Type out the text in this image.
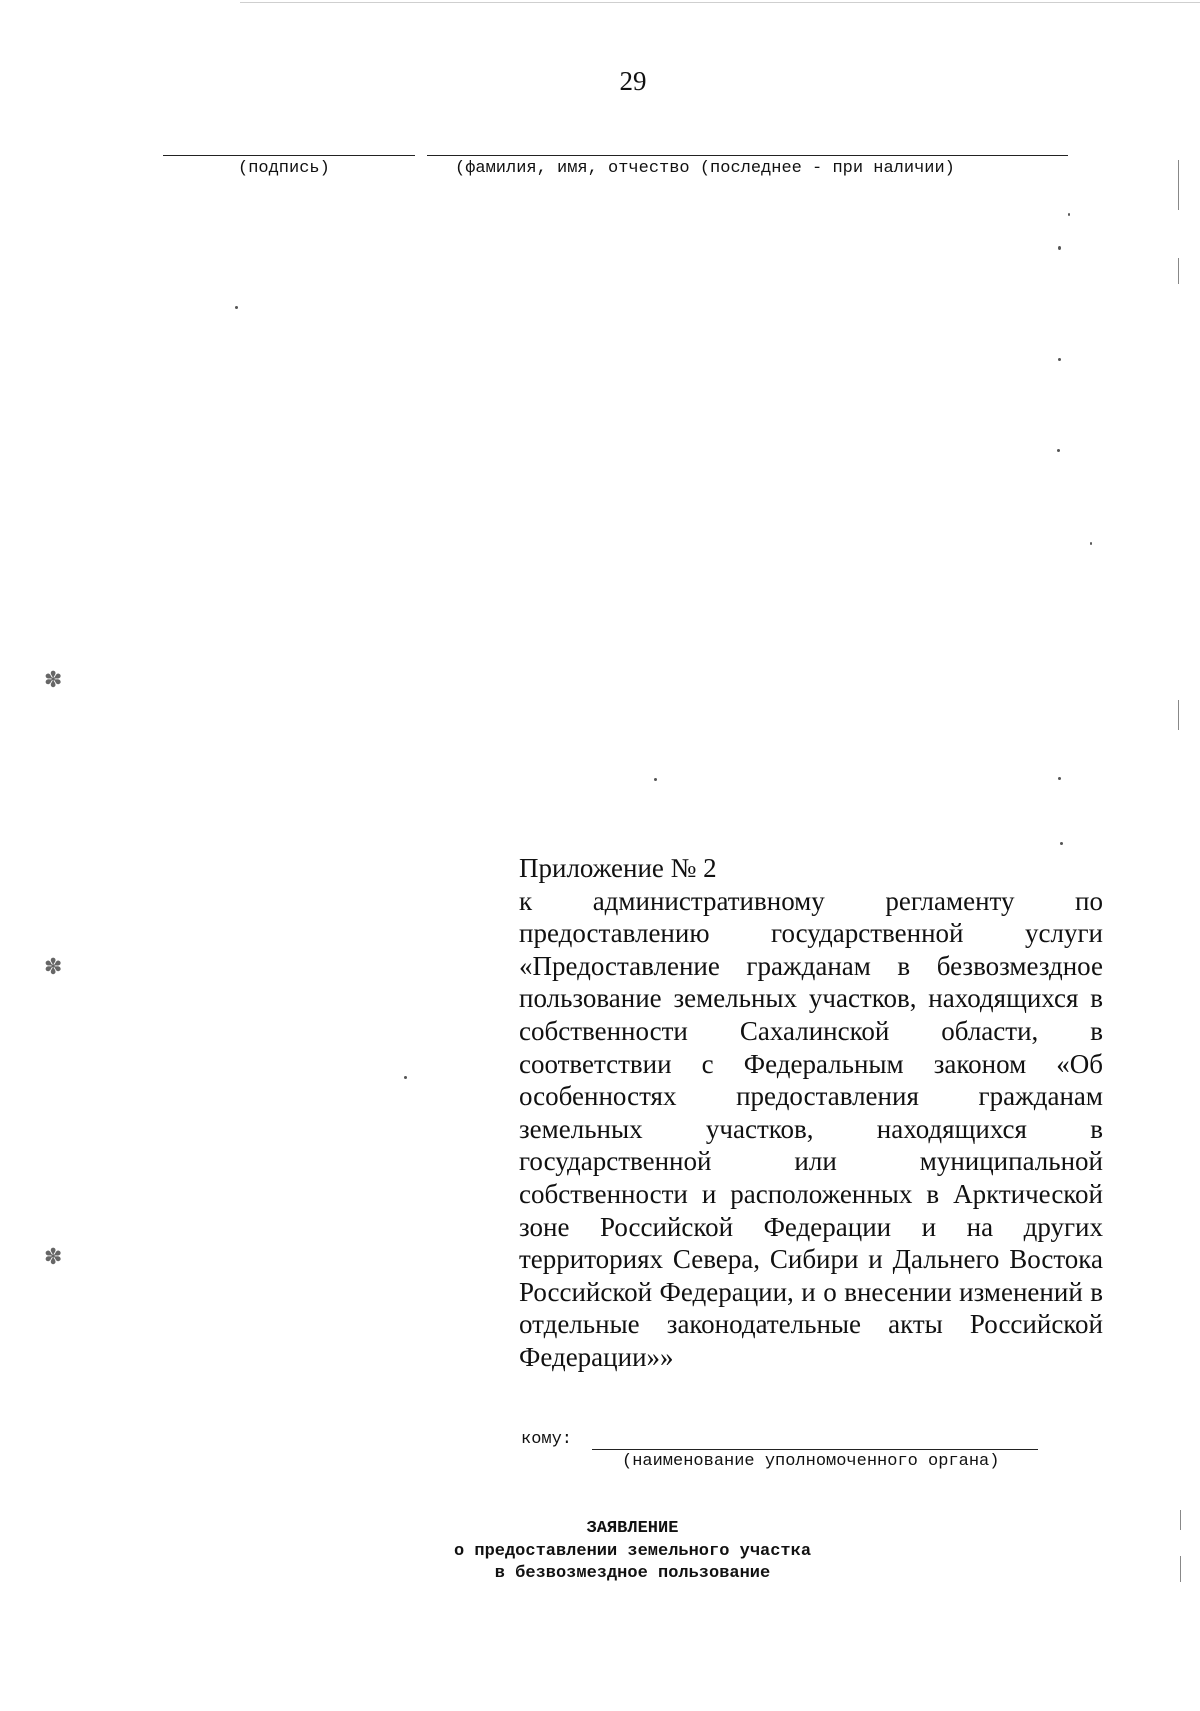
29
(подпись)	(фамилия, имя, отчество (последнее - при наличии)
Приложение № 2
к административному регламенту по предоставлению государственной услуги «Предоставление гражданам в безвозмездное пользование земельных участков, находящихся в собственности Сахалинской области, в соответствии с Федеральным законом «Об особенностях предоставления гражданам земельных участков, находящихся в государственной или муниципальной собственности и расположенных в Арктической зоне Российской Федерации и на других территориях Севера, Сибири и Дальнего Востока Российской Федерации, и о внесении изменений в отдельные законодательные акты Российской Федерации»»
кому:
(наименование уполномоченного органа)
ЗАЯВЛЕНИЕ
о предоставлении земельного участка
в безвозмездное пользование
✽
✽
✽
